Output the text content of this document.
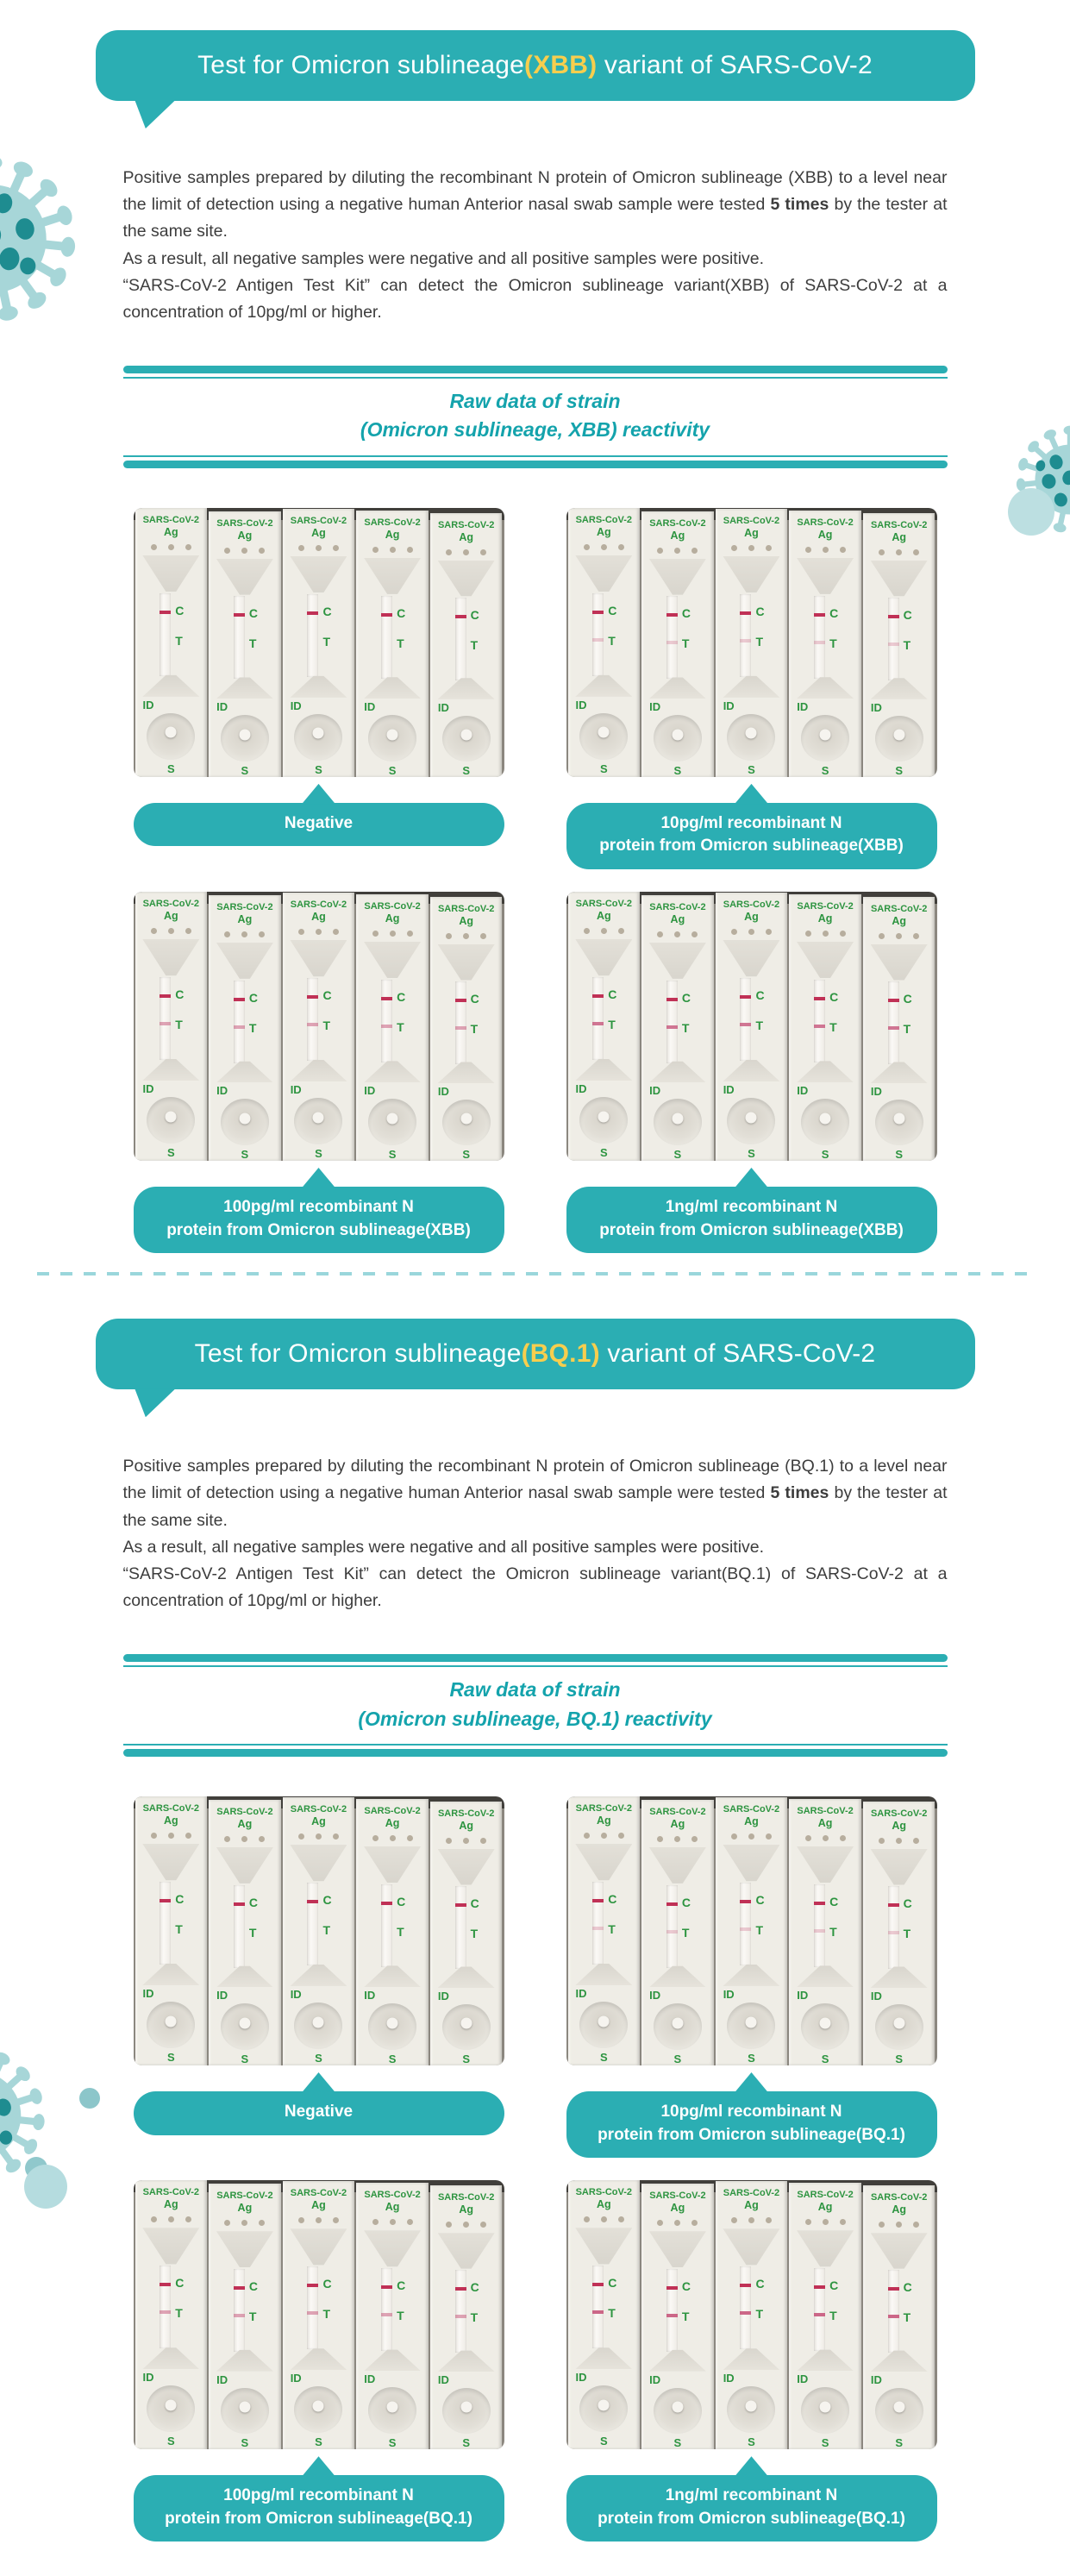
Test for Omicron sublineage (XBB) variant of SARS-CoV-2

Positive samples prepared by diluting the recombinant N protein of Omicron sublineage (XBB) to a level near the limit of detection using a negative human Anterior nasal swab sample were tested 5 times by the tester at the same site.
As a result, all negative samples were negative and all positive samples were positive.
“SARS-CoV-2 Antigen Test Kit” can detect the Omicron sublineage variant(XBB) of SARS-CoV-2 at a concentration of 10pg/ml or higher.

Raw data of strain
(Omicron sublineage, XBB) reactivity
SARS-CoV-2
Ag
C
T
ID
S
SARS-CoV-2
Ag
C
T
ID
S
SARS-CoV-2
Ag
C
T
ID
S
SARS-CoV-2
Ag
C
T
ID
S
SARS-CoV-2
Ag
C
T
ID
S
Negative
SARS-CoV-2
Ag
C
T
ID
S
SARS-CoV-2
Ag
C
T
ID
S
SARS-CoV-2
Ag
C
T
ID
S
SARS-CoV-2
Ag
C
T
ID
S
SARS-CoV-2
Ag
C
T
ID
S
10pg/ml recombinant N
protein from Omicron sublineage(XBB)
SARS-CoV-2
Ag
C
T
ID
S
SARS-CoV-2
Ag
C
T
ID
S
SARS-CoV-2
Ag
C
T
ID
S
SARS-CoV-2
Ag
C
T
ID
S
SARS-CoV-2
Ag
C
T
ID
S
100pg/ml recombinant N
protein from Omicron sublineage(XBB)
SARS-CoV-2
Ag
C
T
ID
S
SARS-CoV-2
Ag
C
T
ID
S
SARS-CoV-2
Ag
C
T
ID
S
SARS-CoV-2
Ag
C
T
ID
S
SARS-CoV-2
Ag
C
T
ID
S
1ng/ml recombinant N
protein from Omicron sublineage(XBB)
Test for Omicron sublineage (BQ.1) variant of SARS-CoV-2

Positive samples prepared by diluting the recombinant N protein of Omicron sublineage (BQ.1) to a level near the limit of detection using a negative human Anterior nasal swab sample were tested 5 times by the tester at the same site.
As a result, all negative samples were negative and all positive samples were positive.
“SARS-CoV-2 Antigen Test Kit” can detect the Omicron sublineage variant(BQ.1) of SARS-CoV-2 at a concentration of 10pg/ml or higher.

Raw data of strain
(Omicron sublineage, BQ.1) reactivity
SARS-CoV-2
Ag
C
T
ID
S
SARS-CoV-2
Ag
C
T
ID
S
SARS-CoV-2
Ag
C
T
ID
S
SARS-CoV-2
Ag
C
T
ID
S
SARS-CoV-2
Ag
C
T
ID
S
Negative
SARS-CoV-2
Ag
C
T
ID
S
SARS-CoV-2
Ag
C
T
ID
S
SARS-CoV-2
Ag
C
T
ID
S
SARS-CoV-2
Ag
C
T
ID
S
SARS-CoV-2
Ag
C
T
ID
S
10pg/ml recombinant N
protein from Omicron sublineage(BQ.1)
SARS-CoV-2
Ag
C
T
ID
S
SARS-CoV-2
Ag
C
T
ID
S
SARS-CoV-2
Ag
C
T
ID
S
SARS-CoV-2
Ag
C
T
ID
S
SARS-CoV-2
Ag
C
T
ID
S
100pg/ml recombinant N
protein from Omicron sublineage(BQ.1)
SARS-CoV-2
Ag
C
T
ID
S
SARS-CoV-2
Ag
C
T
ID
S
SARS-CoV-2
Ag
C
T
ID
S
SARS-CoV-2
Ag
C
T
ID
S
SARS-CoV-2
Ag
C
T
ID
S
1ng/ml recombinant N
protein from Omicron sublineage(BQ.1)
